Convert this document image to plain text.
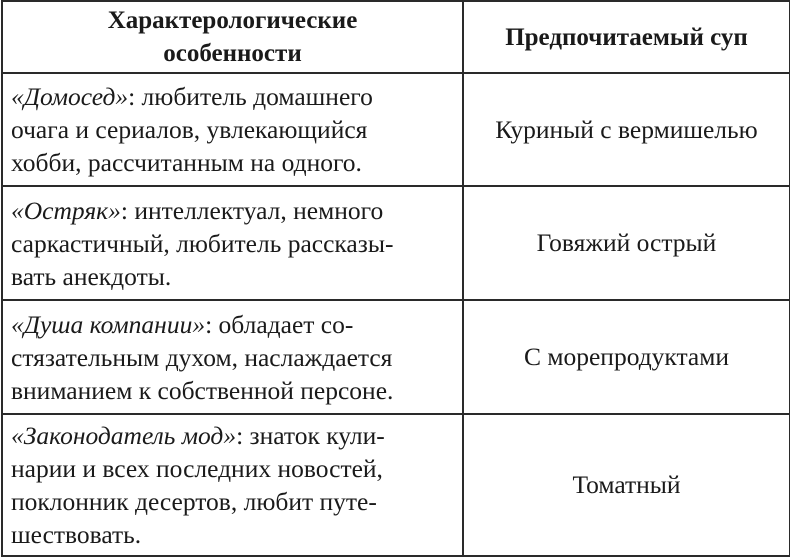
Характерологические
особенности	Предпочитаемый суп

«Домосед»: любитель домашнего
очага и сериалов, увлекающийся
хобби, рассчитанным на одного.	Куриный с вермишелью

«Остряк»: интеллектуал, немного
саркастичный, любитель рассказы-
вать анекдоты.	Говяжий острый

«Душа компании»: обладает со-
стязательным духом, наслаждается
вниманием к собственной персоне.	С морепродуктами

«Законодатель мод»: знаток кули-
нарии и всех последних новостей,
поклонник десертов, любит путе-
шествовать.	Томатный
